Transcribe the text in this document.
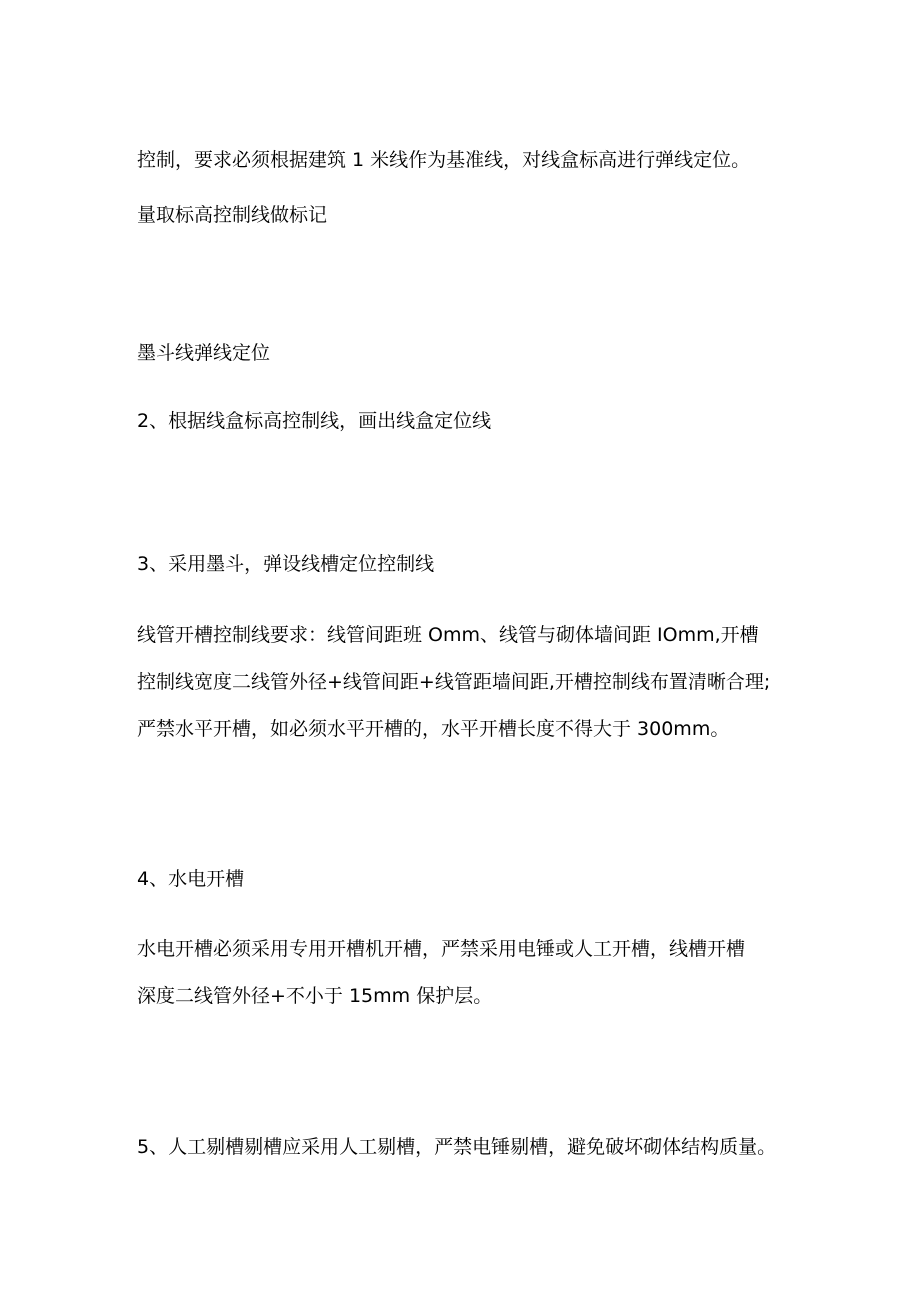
控制，要求必须根据建筑 1 米线作为基准线，对线盒标高进行弹线定位。
量取标高控制线做标记
墨斗线弹线定位
2、根据线盒标高控制线，画出线盒定位线
3、采用墨斗，弹设线槽定位控制线
线管开槽控制线要求：线管间距班 Omm、线管与砌体墙间距 IOmm,开槽
控制线宽度二线管外径+线管间距+线管距墙间距,开槽控制线布置清晰合理;
严禁水平开槽，如必须水平开槽的，水平开槽长度不得大于 300mm。
4、水电开槽
水电开槽必须采用专用开槽机开槽，严禁采用电锤或人工开槽，线槽开槽
深度二线管外径+不小于 15mm 保护层。
5、人工剔槽剔槽应采用人工剔槽，严禁电锤剔槽，避免破坏砌体结构质量。
